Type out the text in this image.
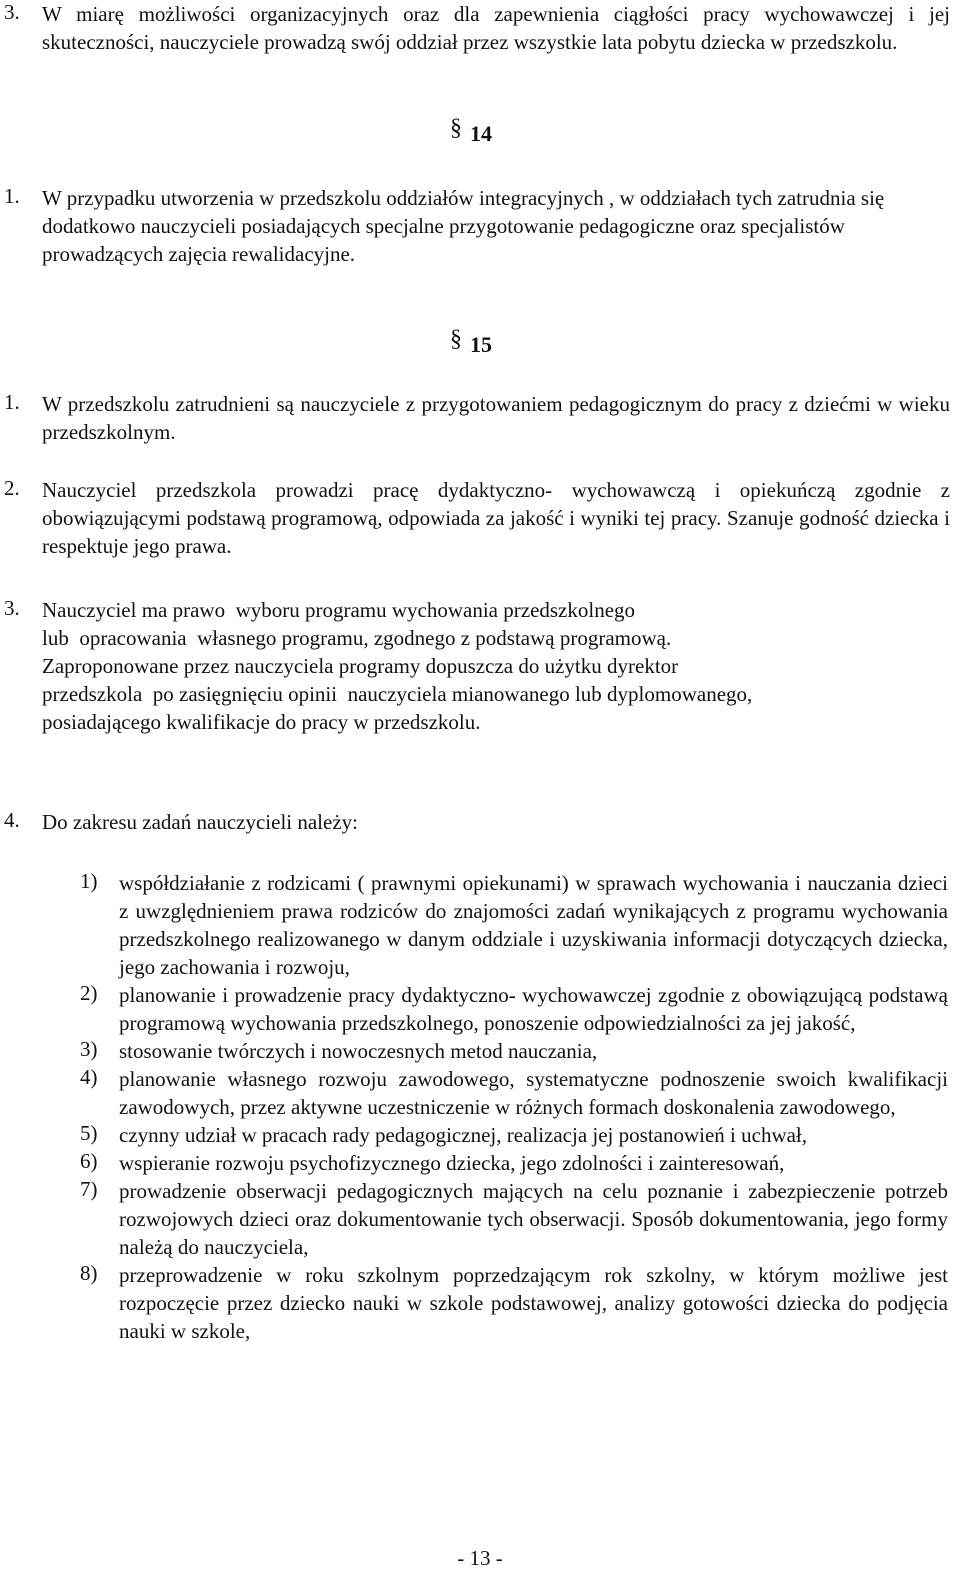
3.	W miarę możliwości organizacyjnych oraz dla zapewnienia ciągłości pracy wychowawczej i jej skuteczności, nauczyciele prowadzą swój oddział przez wszystkie lata pobytu dziecka w przedszkolu.
§ 14
1.	W przypadku utworzenia w przedszkolu oddziałów integracyjnych , w oddziałach tych zatrudnia się dodatkowo nauczycieli posiadających specjalne przygotowanie pedagogiczne oraz specjalistów prowadzących zajęcia rewalidacyjne.
§ 15
1.	W przedszkolu zatrudnieni są nauczyciele z przygotowaniem pedagogicznym do pracy z dziećmi w wieku przedszkolnym.
2.	Nauczyciel przedszkola prowadzi pracę dydaktyczno- wychowawczą i opiekuńczą zgodnie z obowiązującymi podstawą programową, odpowiada za jakość i wyniki tej pracy. Szanuje godność dziecka i respektuje jego prawa.
3.	Nauczyciel ma prawo  wyboru programu wychowania przedszkolnego
lub  opracowania  własnego programu, zgodnego z podstawą programową.
Zaproponowane przez nauczyciela programy dopuszcza do użytku dyrektor
przedszkola  po zasięgnięciu opinii  nauczyciela mianowanego lub dyplomowanego,
posiadającego kwalifikacje do pracy w przedszkolu.
4.	Do zakresu zadań nauczycieli należy:
1)	współdziałanie z rodzicami ( prawnymi opiekunami) w sprawach wychowania i nauczania dzieci z uwzględnieniem prawa rodziców do znajomości zadań wynikających z programu wychowania przedszkolnego realizowanego w danym oddziale i uzyskiwania informacji dotyczących dziecka, jego zachowania i rozwoju,
2)	planowanie i prowadzenie pracy dydaktyczno- wychowawczej zgodnie z obowiązującą podstawą programową wychowania przedszkolnego, ponoszenie odpowiedzialności za jej jakość,
3)	stosowanie twórczych i nowoczesnych metod nauczania,
4)	planowanie własnego rozwoju zawodowego, systematyczne podnoszenie swoich kwalifikacji zawodowych, przez aktywne uczestniczenie w różnych formach doskonalenia zawodowego,
5)	czynny udział w pracach rady pedagogicznej, realizacja jej postanowień i uchwał,
6)	wspieranie rozwoju psychofizycznego dziecka, jego zdolności i zainteresowań,
7)	prowadzenie obserwacji pedagogicznych mających na celu poznanie i zabezpieczenie potrzeb rozwojowych dzieci oraz dokumentowanie tych obserwacji. Sposób dokumentowania, jego formy należą do nauczyciela,
8)	przeprowadzenie w roku szkolnym poprzedzającym rok szkolny, w którym możliwe jest rozpoczęcie przez dziecko nauki w szkole podstawowej, analizy gotowości dziecka do podjęcia nauki w szkole,
- 13 -
